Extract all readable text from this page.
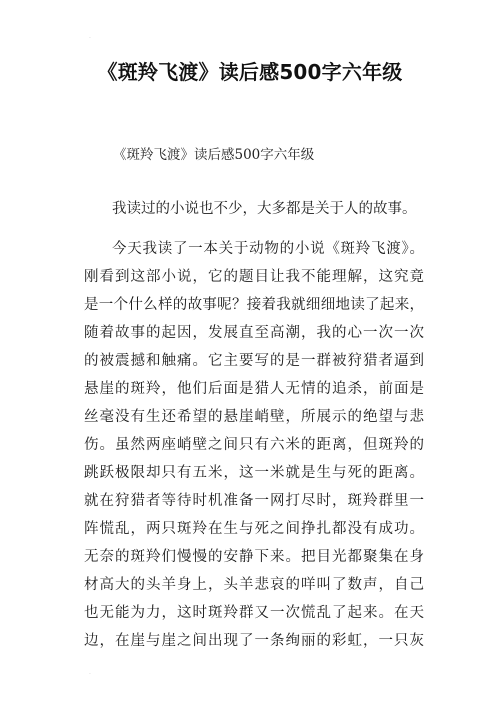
·
《斑羚飞渡》读后感500字六年级

《斑羚飞渡》读后感500字六年级

我读过的小说也不少，大多都是关于人的故事。

今天我读了一本关于动物的小说《斑羚飞渡》。

刚看到这部小说，它的题目让我不能理解，这究竟

是一个什么样的故事呢？接着我就细细地读了起来，

随着故事的起因，发展直至高潮，我的心一次一次

的被震撼和触痛。它主要写的是一群被狩猎者逼到

悬崖的斑羚，他们后面是猎人无情的追杀，前面是

丝毫没有生还希望的悬崖峭壁，所展示的绝望与悲

伤。虽然两座峭壁之间只有六米的距离，但斑羚的

跳跃极限却只有五米，这一米就是生与死的距离。

就在狩猎者等待时机准备一网打尽时，斑羚群里一

阵慌乱，两只斑羚在生与死之间挣扎都没有成功。

无奈的斑羚们慢慢的安静下来。把目光都聚集在身

材高大的头羊身上，头羊悲哀的咩叫了数声，自己

也无能为力，这时斑羚群又一次慌乱了起来。在天

边，在崖与崖之间出现了一条绚丽的彩虹，一只灰

·
